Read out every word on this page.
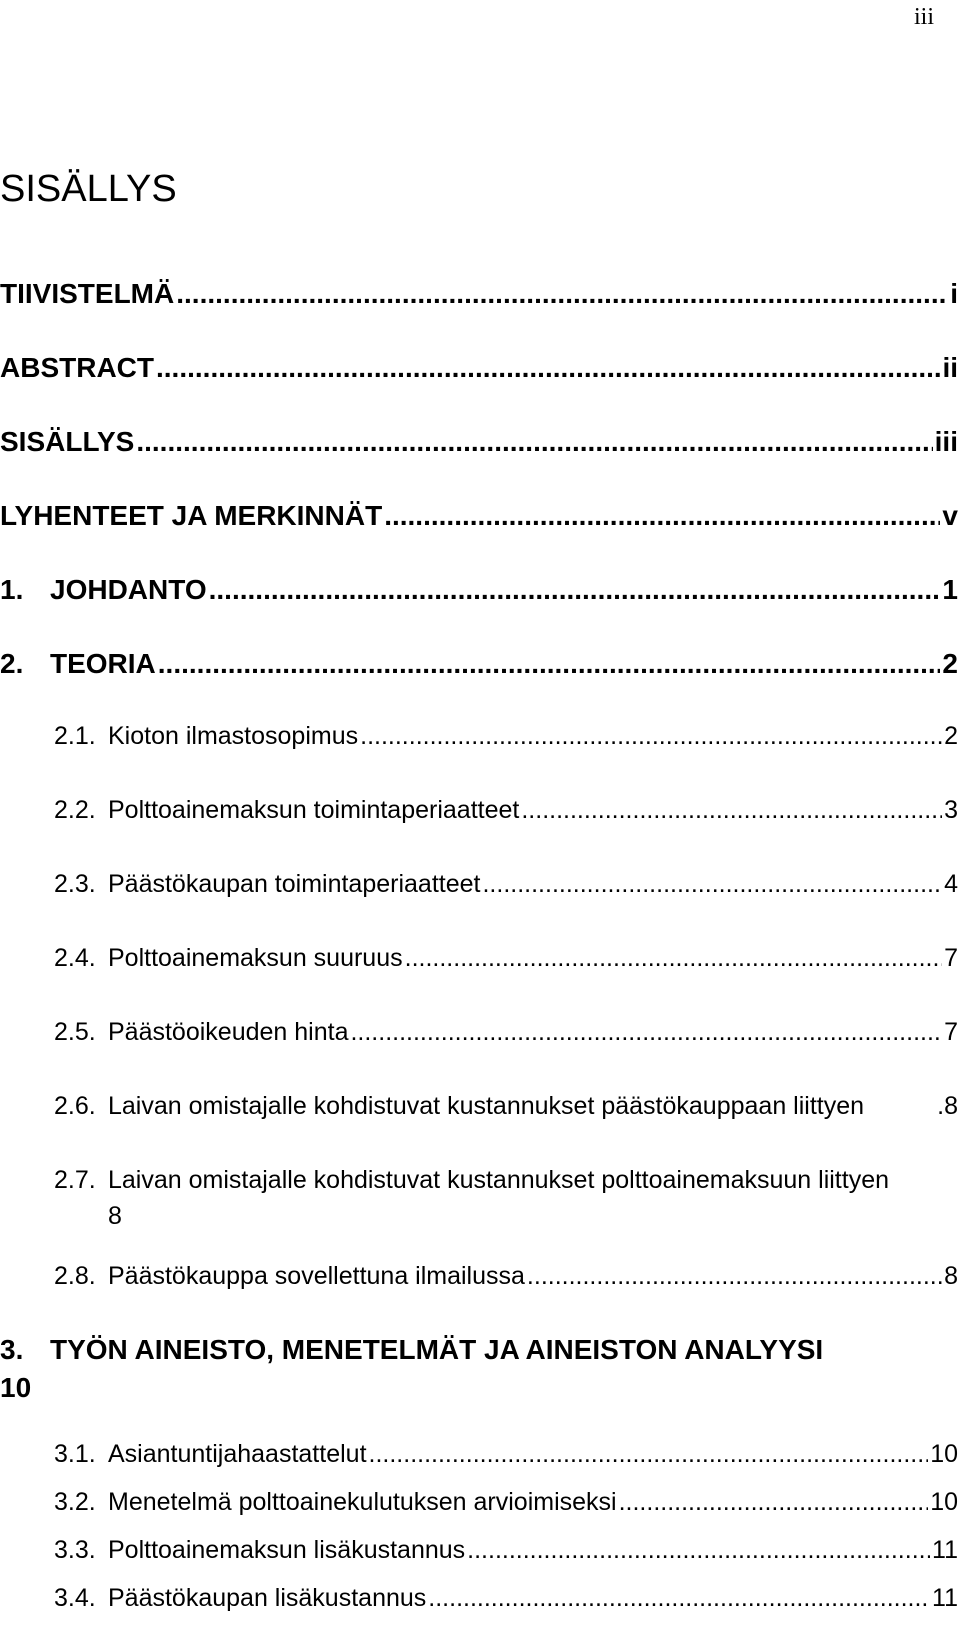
iii
SISÄLLYS
TIIVISTELMÄ .....	i
ABSTRACT .....	ii
SISÄLLYS .....	iii
LYHENTEET JA MERKINNÄT .....	v
1. JOHDANTO .....	1
2. TEORIA .....	2
2.1. Kioton ilmastosopimus .....	2
2.2. Polttoainemaksun toimintaperiaatteet .....	3
2.3. Päästökaupan toimintaperiaatteet .....	4
2.4. Polttoainemaksun suuruus .....	7
2.5. Päästöoikeuden hinta .....	7
2.6. Laivan omistajalle kohdistuvat kustannukset päästökauppaan liittyen	.8
2.7. Laivan omistajalle kohdistuvat kustannukset polttoainemaksuun liittyen
8
2.8. Päästökauppa sovellettuna ilmailussa .....	8
3. TYÖN AINEISTO, MENETELMÄT JA AINEISTON ANALYYSI
10
3.1. Asiantuntijahaastattelut .....	10
3.2. Menetelmä polttoainekulutuksen arvioimiseksi .....	10
3.3. Polttoainemaksun lisäkustannus .....	11
3.4. Päästökaupan lisäkustannus .....	11
